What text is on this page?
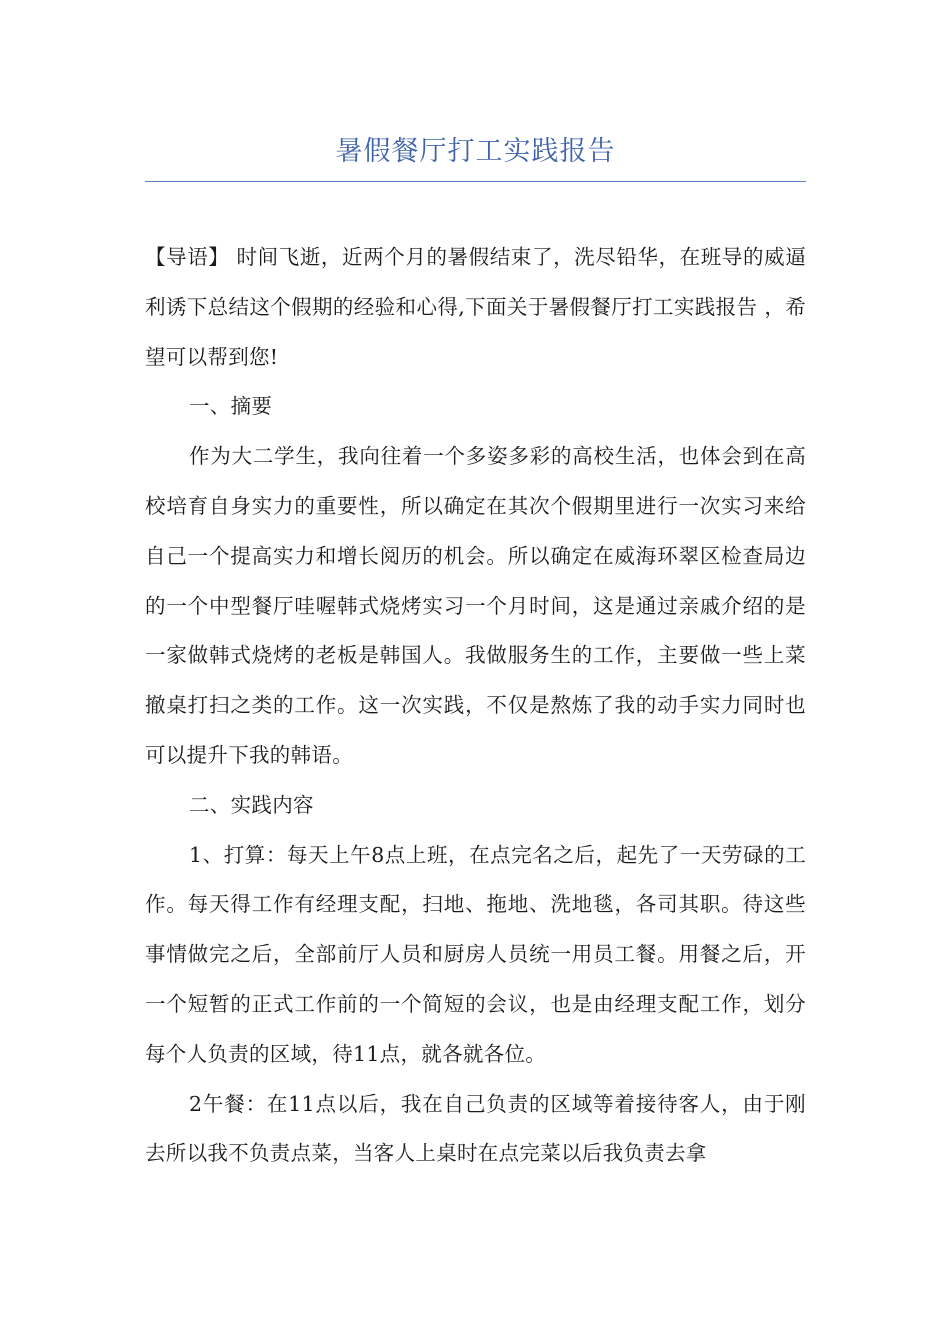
暑假餐厅打工实践报告

【导语】 时间飞逝，近两个月的暑假结束了，洗尽铅华，在班导的威逼利诱下总结这个假期的经验和心得,下面关于暑假餐厅打工实践报告 ，希望可以帮到您!

一、摘要

作为大二学生，我向往着一个多姿多彩的高校生活，也体会到在高校培育自身实力的重要性，所以确定在其次个假期里进行一次实习来给自己一个提高实力和增长阅历的机会。所以确定在威海环翠区检查局边的一个中型餐厅哇喔韩式烧烤实习一个月时间，这是通过亲戚介绍的是一家做韩式烧烤的老板是韩国人。我做服务生的工作，主要做一些上菜撤桌打扫之类的工作。这一次实践，不仅是熬炼了我的动手实力同时也可以提升下我的韩语。

二、实践内容

1、打算：每天上午8点上班，在点完名之后，起先了一天劳碌的工作。每天得工作有经理支配，扫地、拖地、洗地毯，各司其职。待这些事情做完之后，全部前厅人员和厨房人员统一用员工餐。用餐之后，开一个短暂的正式工作前的一个简短的会议，也是由经理支配工作，划分每个人负责的区域，待11点，就各就各位。

2午餐：在11点以后，我在自己负责的区域等着接待客人，由于刚去所以我不负责点菜，当客人上桌时在点完菜以后我负责去拿
